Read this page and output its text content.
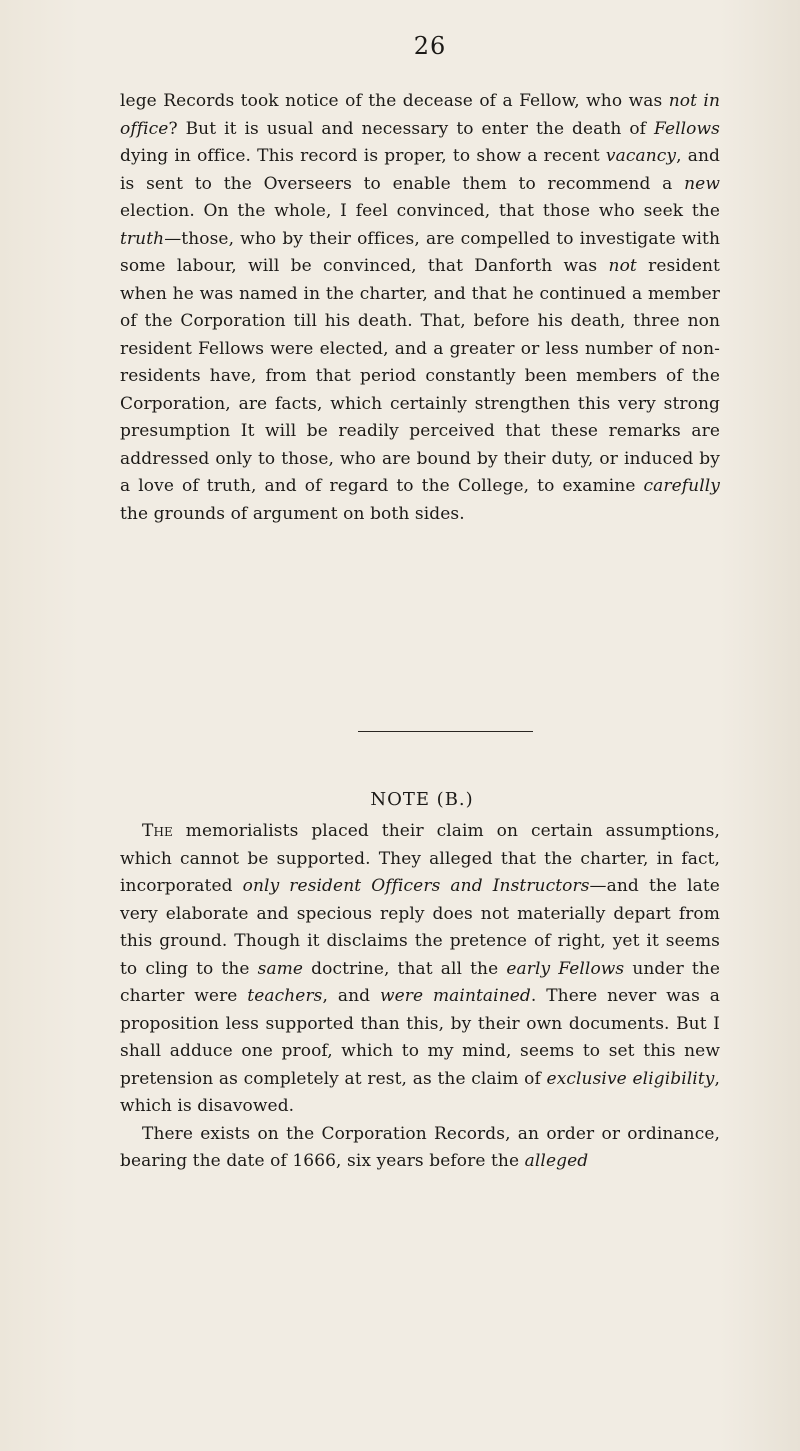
26

lege Records took notice of the decease of a Fellow, who was not in office? But it is usual and necessary to enter the death of Fellows dying in office. This record is proper, to show a recent vacancy, and is sent to the Overseers to enable them to recommend a new election. On the whole, I feel convinced, that those who seek the truth—those, who by their offices, are compelled to investigate with some labour, will be convinced, that Danforth was not resident when he was named in the charter, and that he continued a member of the Corporation till his death. That, before his death, three non resident Fellows were elected, and a greater or less number of non-residents have, from that period constantly been members of the Corporation, are facts, which certainly strengthen this very strong presumption It will be readily perceived that these remarks are addressed only to those, who are bound by their duty, or induced by a love of truth, and of regard to the College, to examine carefully the grounds of argument on both sides.

NOTE (B.)

The memorialists placed their claim on certain assumptions, which cannot be supported. They alleged that the charter, in fact, incorporated only resident Officers and Instructors—and the late very elaborate and specious reply does not materially depart from this ground. Though it disclaims the pretence of right, yet it seems to cling to the same doctrine, that all the early Fellows under the charter were teachers, and were maintained. There never was a proposition less supported than this, by their own documents. But I shall adduce one proof, which to my mind, seems to set this new pretension as completely at rest, as the claim of exclusive eligibility, which is disavowed.

There exists on the Corporation Records, an order or ordinance, bearing the date of 1666, six years before the alleged
